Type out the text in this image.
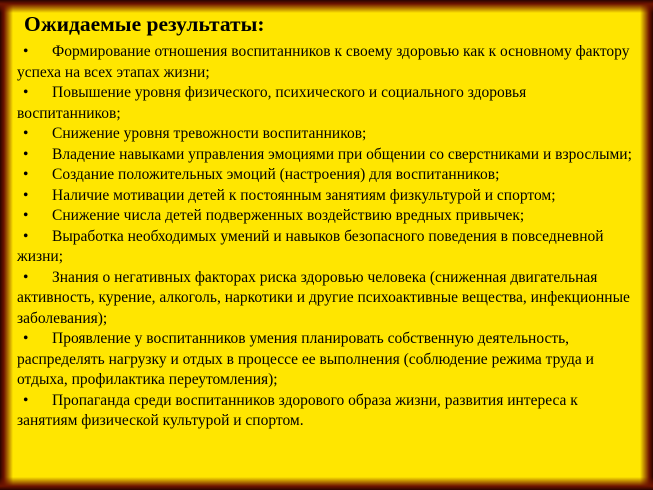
Ожидаемые результаты:
• Формирование отношения воспитанников к своему здоровью как к основному фактору успеха на всех этапах жизни;
• Повышение уровня физического, психического и социального здоровья воспитанников;
• Снижение уровня тревожности воспитанников;
• Владение навыками управления эмоциями при общении со сверстниками и взрослыми;
• Создание положительных эмоций (настроения) для воспитанников;
• Наличие мотивации детей к постоянным занятиям физкультурой и спортом;
• Снижение числа детей подверженных воздействию вредных привычек;
• Выработка необходимых умений и навыков безопасного поведения в повседневной жизни;
• Знания о негативных факторах риска здоровью человека (сниженная двигательная активность, курение, алкоголь, наркотики и другие психоактивные вещества, инфекционные заболевания);
• Проявление у воспитанников умения планировать собственную деятельность, распределять нагрузку и отдых в процессе ее выполнения (соблюдение режима труда и отдыха, профилактика переутомления);
• Пропаганда среди воспитанников здорового образа жизни, развития интереса к занятиям физической культурой и спортом.
